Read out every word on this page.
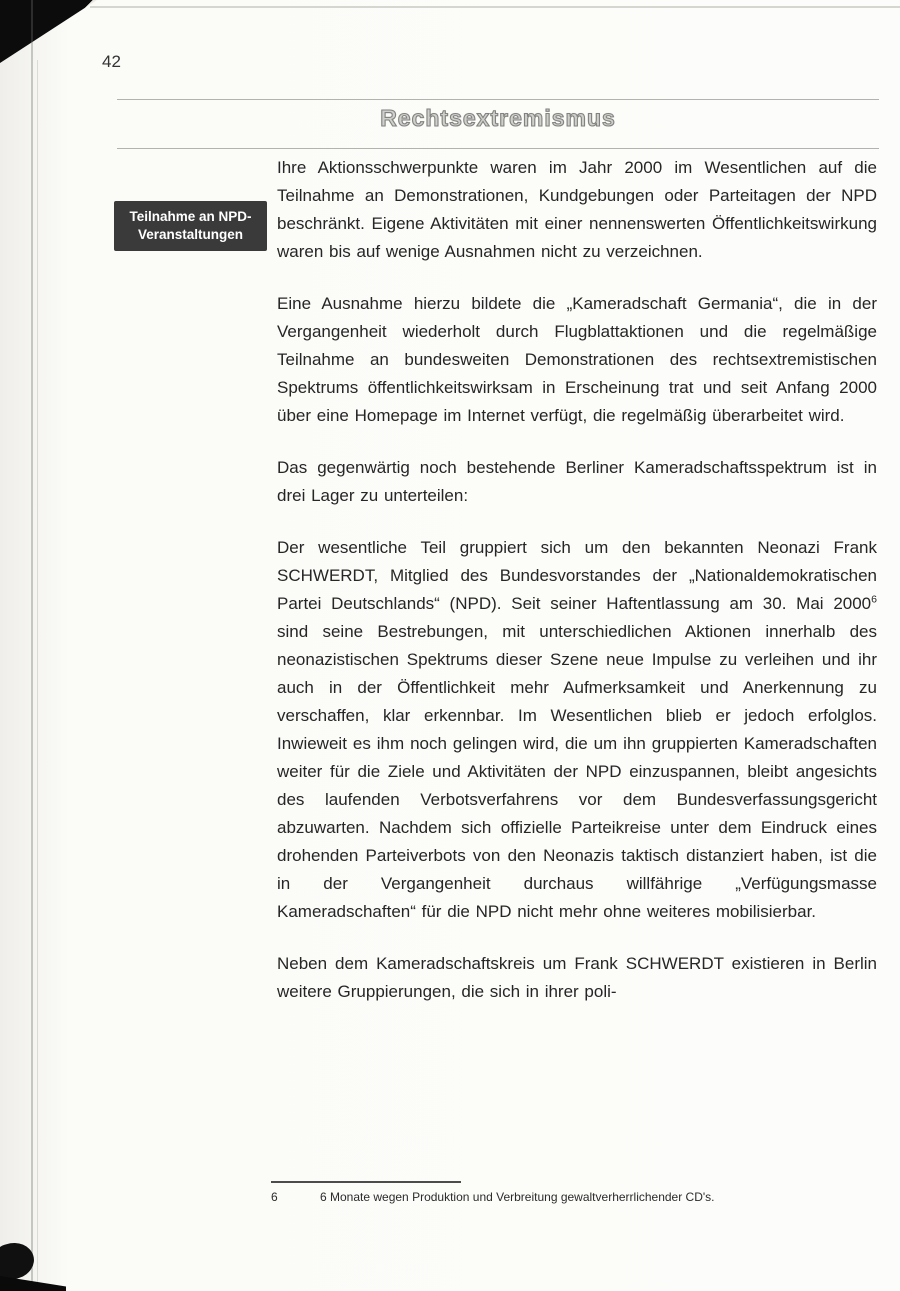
42
Rechtsextremismus
Teilnahme an NPD-
Veranstaltungen

Ihre Aktionsschwerpunkte waren im Jahr 2000 im Wesentlichen auf die Teilnahme an Demonstrationen, Kundgebungen oder Parteitagen der NPD beschränkt. Eigene Aktivitäten mit einer nennenswerten Öffentlichkeitswirkung waren bis auf wenige Ausnahmen nicht zu verzeichnen.

Eine Ausnahme hierzu bildete die „Kameradschaft Germania“, die in der Vergangenheit wiederholt durch Flugblattaktionen und die regelmäßige Teilnahme an bundesweiten Demonstrationen des rechtsextremistischen Spektrums öffentlichkeitswirksam in Erscheinung trat und seit Anfang 2000 über eine Homepage im Internet verfügt, die regelmäßig überarbeitet wird.

Das gegenwärtig noch bestehende Berliner Kameradschaftsspektrum ist in drei Lager zu unterteilen:

Der wesentliche Teil gruppiert sich um den bekannten Neonazi Frank SCHWERDT, Mitglied des Bundesvorstandes der „Nationaldemokratischen Partei Deutschlands“ (NPD). Seit seiner Haftentlassung am 30. Mai 2000$^6$ sind seine Bestrebungen, mit unterschiedlichen Aktionen innerhalb des neonazistischen Spektrums dieser Szene neue Impulse zu verleihen und ihr auch in der Öffentlichkeit mehr Aufmerksamkeit und Anerkennung zu verschaffen, klar erkennbar. Im Wesentlichen blieb er jedoch erfolglos. Inwieweit es ihm noch gelingen wird, die um ihn gruppierten Kameradschaften weiter für die Ziele und Aktivitäten der NPD einzuspannen, bleibt angesichts des laufenden Verbotsverfahrens vor dem Bundesverfassungsgericht abzuwarten. Nachdem sich offizielle Parteikreise unter dem Eindruck eines drohenden Parteiverbots von den Neonazis taktisch distanziert haben, ist die in der Vergangenheit durchaus willfährige „Verfügungsmasse Kameradschaften“ für die NPD nicht mehr ohne weiteres mobilisierbar.

Neben dem Kameradschaftskreis um Frank SCHWERDT existieren in Berlin weitere Gruppierungen, die sich in ihrer poli-

6	6 Monate wegen Produktion und Verbreitung gewaltverherrlichender CD's.
